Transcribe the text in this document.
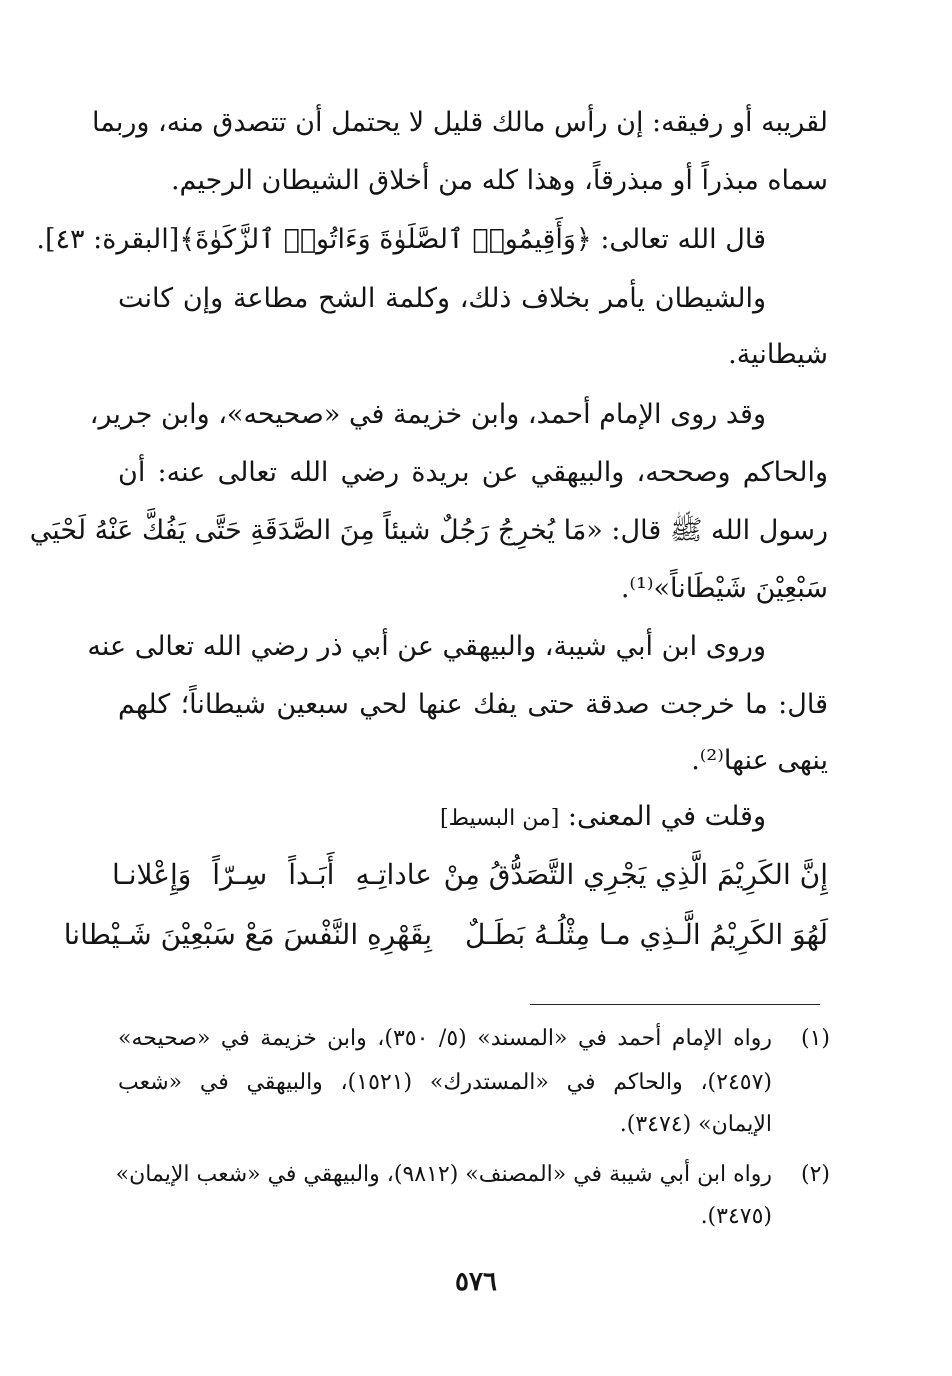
لقريبه أو رفيقه: إن رأس مالك قليل لا يحتمل أن تتصدق منه، وربما
سماه مبذراً أو مبذرقاً، وهذا كله من أخلاق الشيطان الرجيم.
قال الله تعالى: ﴿وَأَقِيمُوا۟ ٱلصَّلَوٰةَ وَءَاتُوا۟ ٱلزَّكَوٰةَ﴾[البقرة: ٤٣].
والشيطان يأمر بخلاف ذلك، وكلمة الشح مطاعة وإن كانت
شيطانية.
وقد روى الإمام أحمد، وابن خزيمة في «صحيحه»، وابن جرير،
والحاكم وصححه، والبيهقي عن بريدة رضي الله تعالى عنه: أن
رسول الله ﷺ قال: «مَا يُخرِجُ رَجُلٌ شيئاً مِنَ الصَّدَقَةِ حَتَّى يَفُكَّ عَنْهُ لَحْيَي
سَبْعِيْنَ شَيْطَاناً»⁽¹⁾.
وروى ابن أبي شيبة، والبيهقي عن أبي ذر رضي الله تعالى عنه
قال: ما خرجت صدقة حتى يفك عنها لحي سبعين شيطاناً؛ كلهم
ينهى عنها⁽²⁾.
وقلت في المعنى: [من البسيط]
إِنَّ الكَرِيْمَ الَّذِي يَجْرِي التَّصَدُّقُ مِنْ
عاداتِـهِ أَبَـداً سِـرّاً وَإِعْلانـا
لَهُوَ الكَرِيْمُ الَّـذِي مـا مِثْلُـهُ بَطَـلٌ
بِقَهْرِهِ النَّفْسَ مَعْ سَبْعِيْنَ شَـيْطانا
(١)
رواه الإمام أحمد في «المسند» (٥/ ٣٥٠)، وابن خزيمة في «صحيحه»
(٢٤٥٧)، والحاكم في «المستدرك» (١٥٢١)، والبيهقي في «شعب
الإيمان» (٣٤٧٤).
(٢)
رواه ابن أبي شيبة في «المصنف» (٩٨١٢)، والبيهقي في «شعب الإيمان»
(٣٤٧٥).
٥٧٦
